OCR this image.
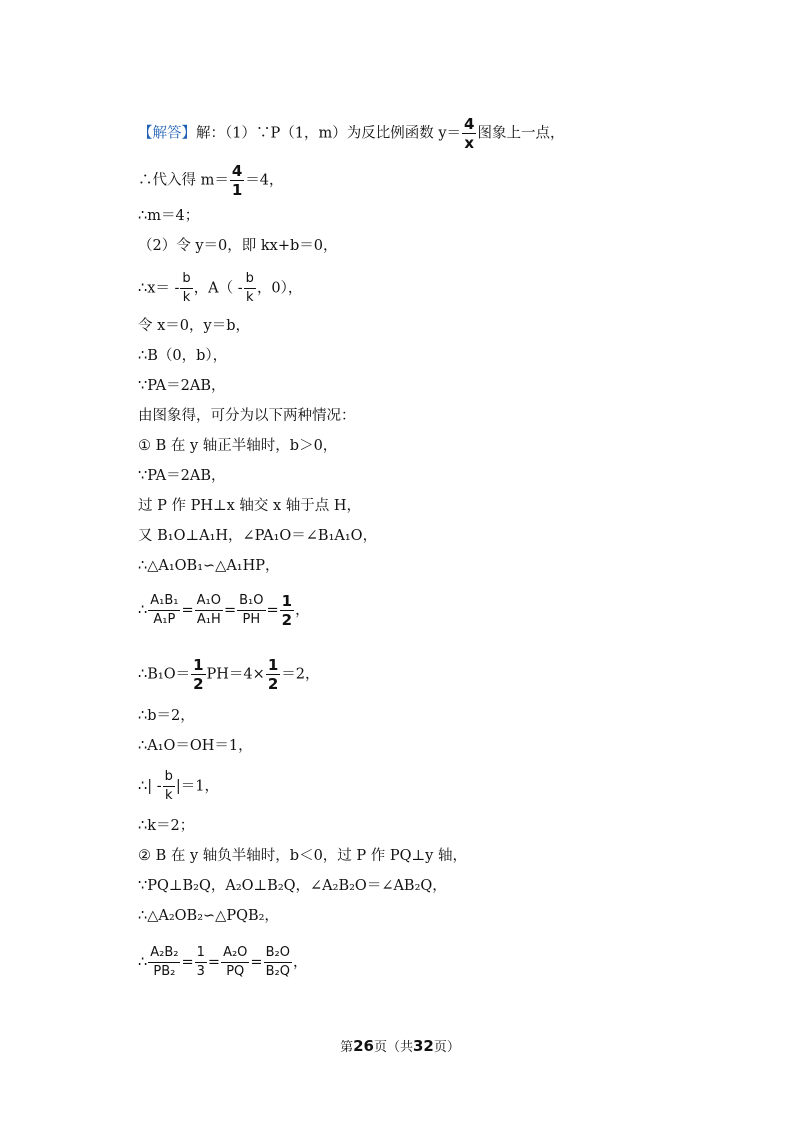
【解答】解：（1）∵P（1，m）为反比例函数 $y= \frac{4}{x}$ 图象上一点，
∴代入得 $m= \frac{4}{1} =4$，
∴m＝4；
（2）令 y＝0，即 kx+b＝0，
∴x＝ - $\frac{b}{k}$ ，$A( - \frac{b}{k}$ ，0），
令 x＝0，y＝b，
∴B（0，b），
∵PA＝2AB，
由图象得，可分为以下两种情况：
① B 在 y 轴正半轴时，b＞0，
∵PA＝2AB，
过 P 作 PH⊥x 轴交 x 轴于点 H，
又 B₁O⊥A₁H，∠PA₁O＝∠B₁A₁O，
∴△A₁OB₁∽△A₁HP，
∴ $\frac{\text{A₁B₁}}{\text{A₁P}} = \frac{\text{A₁O}}{\text{A₁H}} = \frac{\text{B₁O}}{PH} = \frac{1}{2}$ ，
∴B₁O＝ $\frac{1}{2} PH=4\times \frac{1}{2} =2$，
∴b＝2，
∴A₁O＝OH＝1，
∴| - $\frac{b}{k} |=1$，
∴k＝2；
② B 在 y 轴负半轴时，b＜0，过 P 作 PQ⊥y 轴，
∵PQ⊥B₂Q，A₂O⊥B₂Q，∠A₂B₂O＝∠AB₂Q，
∴△A₂OB₂∽△PQB₂，
∴ $\frac{\text{A₂B₂}}{\text{PB₂}} = \frac{1}{3} = \frac{\text{A₂O}}{PQ} = \frac{\text{B₂O}}{\text{B₂Q}}$ ，
第26页（共32页）
